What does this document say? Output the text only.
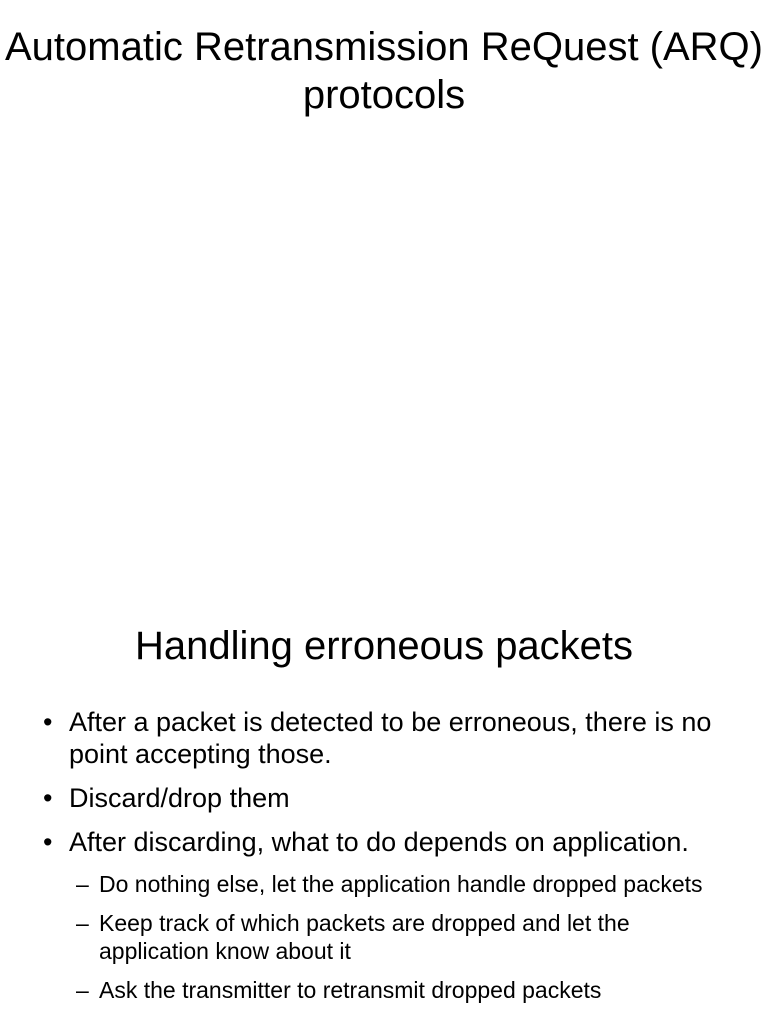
Automatic Retransmission ReQuest (ARQ) protocols
Handling erroneous packets
• After a packet is detected to be erroneous, there is no point accepting those.
• Discard/drop them
• After discarding, what to do depends on application.
– Do nothing else, let the application handle dropped packets
– Keep track of which packets are dropped and let the application know about it
– Ask the transmitter to retransmit dropped packets
